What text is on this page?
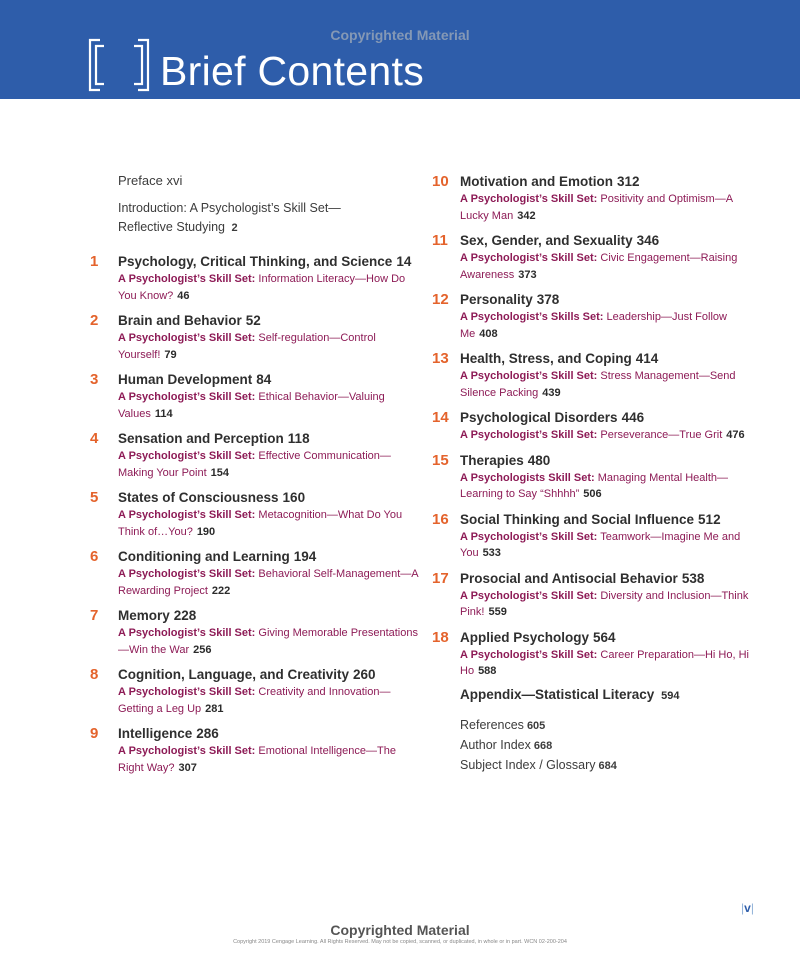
Brief Contents
Copyrighted Material
Preface xvi
Introduction: A Psychologist’s Skill Set—
Reflective Studying 2
1	Psychology, Critical Thinking, and Science 14
A Psychologist’s Skill Set: Information Literacy—How Do You Know? 46
2	Brain and Behavior 52
A Psychologist’s Skill Set: Self-regulation—Control Yourself! 79
3	Human Development 84
A Psychologist’s Skill Set: Ethical Behavior—Valuing Values 114
4	Sensation and Perception 118
A Psychologist’s Skill Set: Effective Communication—Making Your Point 154
5	States of Consciousness 160
A Psychologist’s Skill Set: Metacognition—What Do You Think of…You? 190
6	Conditioning and Learning 194
A Psychologist’s Skill Set: Behavioral Self-Management—A Rewarding Project 222
7	Memory 228
A Psychologist’s Skill Set: Giving Memorable Presentations—Win the War 256
8	Cognition, Language, and Creativity 260
A Psychologist’s Skill Set: Creativity and Innovation—Getting a Leg Up 281
9	Intelligence 286
A Psychologist’s Skill Set: Emotional Intelligence—The Right Way? 307
10 Motivation and Emotion 312
A Psychologist’s Skill Set: Positivity and Optimism—A Lucky Man 342
11 Sex, Gender, and Sexuality 346
A Psychologist’s Skill Set: Civic Engagement—Raising Awareness 373
12 Personality 378
A Psychologist’s Skills Set: Leadership—Just Follow Me 408
13 Health, Stress, and Coping 414
A Psychologist’s Skill Set: Stress Management—Send Silence Packing 439
14 Psychological Disorders 446
A Psychologist’s Skill Set: Perseverance—True Grit 476
15 Therapies 480
A Psychologists Skill Set: Managing Mental Health—Learning to Say “Shhhh” 506
16 Social Thinking and Social Influence 512
A Psychologist’s Skill Set: Teamwork—Imagine Me and You 533
17 Prosocial and Antisocial Behavior 538
A Psychologist’s Skill Set: Diversity and Inclusion—Think Pink! 559
18 Applied Psychology 564
A Psychologist’s Skill Set: Career Preparation—Hi Ho, Hi Ho 588
Appendix—Statistical Literacy 594
References 605
Author Index 668
Subject Index / Glossary 684
|v|
Copyrighted Material
Copyright 2019 Cengage Learning. All Rights Reserved. May not be copied, scanned, or duplicated, in whole or in part. WCN 02-200-204
